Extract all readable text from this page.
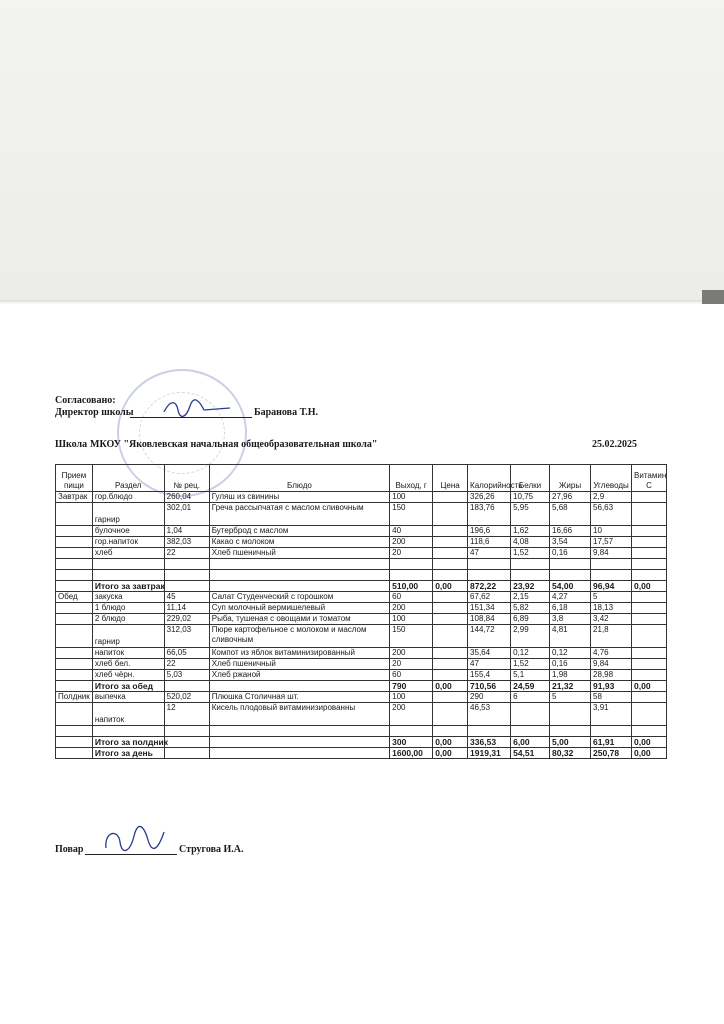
Согласовано:
Директор школы	Баранова Т.Н.
Школа МКОУ "Яковлевская начальная общеобразовательная школа"	25.02.2025
Прием пищи	Раздел	№ рец.	Блюдо	Выход, г	Цена	Калорийность	Белки	Жиры	Углеводы	Витамин С
Завтрак	гор.блюдо	260,04	Гуляш из свинины	100		326,26	10,75	27,96	2,9	
	гарнир	302,01	Греча рассыпчатая с маслом сливочным	150		183,76	5,95	5,68	56,63	
	булочное	1,04	Бутерброд с маслом	40		196,6	1,62	16,66	10	
	гор.напиток	382,03	Какао с молоком	200		118,6	4,08	3,54	17,57	
	хлеб	22	Хлеб пшеничный	20		47	1,52	0,16	9,84	

	Итого за завтрак			510,00	0,00	872,22	23,92	54,00	96,94	0,00
Обед	закуска	45	Салат Студенческий с горошком	60		67,62	2,15	4,27	5	
	1 блюдо	11,14	Суп молочный вермишелевый	200		151,34	5,82	6,18	18,13	
	2 блюдо	229,02	Рыба, тушеная с овощами и томатом	100		108,84	6,89	3,8	3,42	
	гарнир	312,03	Пюре картофельное с молоком и маслом сливочным	150		144,72	2,99	4,81	21,8	
	напиток	66,05	Компот из яблок витаминизированный	200		35,64	0,12	0,12	4,76	
	хлеб бел.	22	Хлеб пшеничный	20		47	1,52	0,16	9,84	
	хлеб чёрн.	5,03	Хлеб ржаной	60		155,4	5,1	1,98	28,98	
	Итого за обед			790	0,00	710,56	24,59	21,32	91,93	0,00
Полдник	выпечка	520,02	Плюшка Столичная шт.	100		290	6	5	58	
	напиток	12	Кисель плодовый витаминизированны	200		46,53			3,91	

	Итого за полдник			300	0,00	336,53	6,00	5,00	61,91	0,00
	Итого за день			1600,00	0,00	1919,31	54,51	80,32	250,78	0,00
Повар	Стругова И.А.
